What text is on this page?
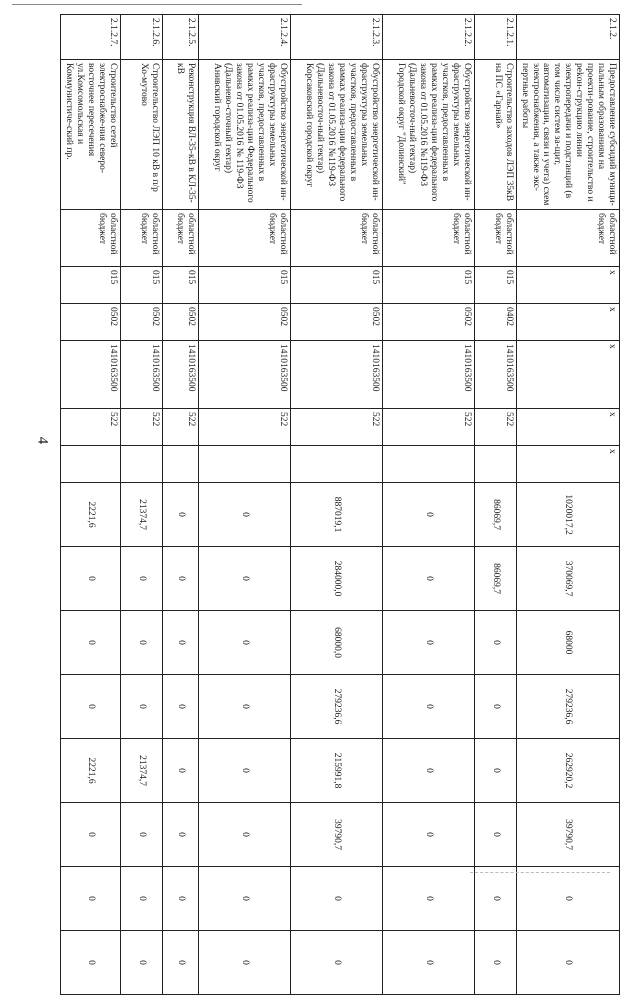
4
2.1.2.	Предоставление субсидий муници-пальным образованиям на проекти-рование, строительство и реkон-струкцию линии электропередачи и подстанций (в том числе систем за-щит, автоматизации, связи и учета) схем электроснабжения, а также экс-пертные работы	областной бюджет	x	x	x	x	x	1020017,2	370069,7	68000	279236,6	262920,2	39790,7	0	0
2.1.2.1.	Строительство заходов ЛЭП 35кВ на ПС «Гарнай»	областной бюджет	015	0402	1410163500	522		86069,7	86069,7	0	0	0	0	0	0
2.1.2.2.	Обустройство энергетической ин-фраструктуры земельных участков, предоставленных в рамках реализа-ции федерального закона от 01.05.2016 №119-ФЗ (Дальневосточ-ный гектар) Городской округ "Долинский"	областной бюджет	015	0502	1410163500	522		0	0	0	0	0	0	0	0
2.1.2.3.	Обустройство энергетической ин-фраструктуры земельных участков, предоставленных в рамках реализа-ции федерального закона от 01.05.2016 №119-ФЗ (Дальневосточ-ный гектар) Корсаковский городской округ	областной бюджет	015	0502	1410163500	522		887019,1	284000,0	68000,0	279236,6	215991,8	39790,7	0	0
2.1.2.4.	Обустройство энергетической ин-фраструктуры земельных участков, предоставленных в рамках реализа-ции Федерального закона от 01.05.2016 № 119-ФЗ (Дальнево-сточный гектар) Анивский городской округ	областной бюджет	015	0502	1410163500	522		0	0	0	0	0	0	0	0
2.1.2.5.	Реконструкция ВЛ-35-кВ в КЛ-35-кВ	областной бюджет	015	0502	1410163500	522		0	0	0	0	0	0	0	0
2.1.2.6.	Строительство ЛЭП 10 кВ в п/р Хо-мутово	областной бюджет	015	0502	1410163500	522		21374,7	0	0	0	21374,7	0	0	0
2.1.2.7.	Строительство сетей электроснабже-ния северо-восточнее пересечения ул.Комсомольская и Коммунистиче-ский пр.	областной бюджет	015	0502	1410163500	522		2221,6	0	0	0	2221,6	0	0	0
